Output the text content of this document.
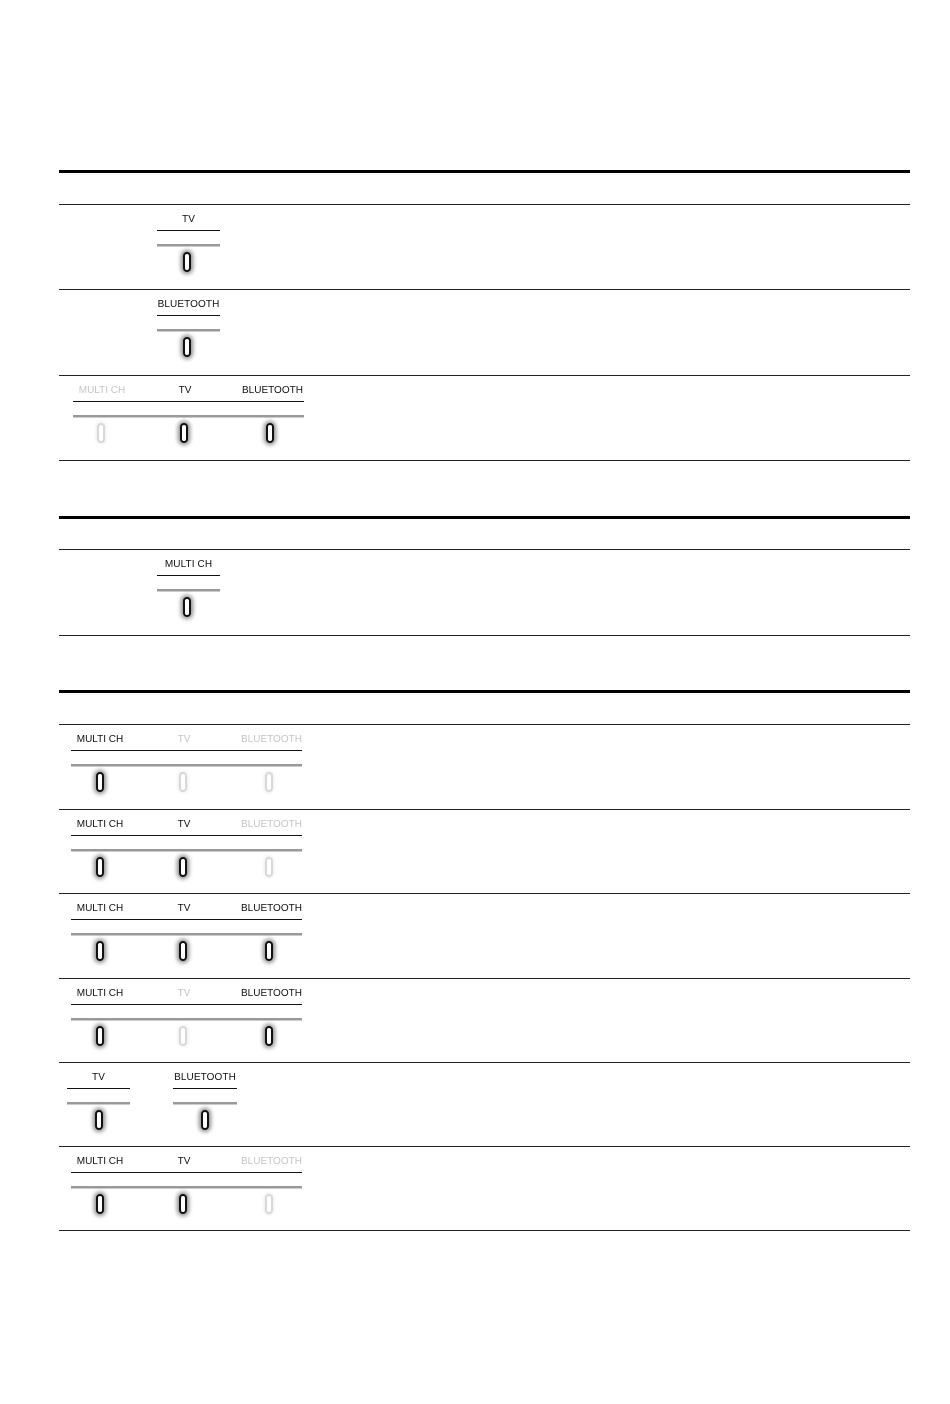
TV
BLUETOOTH
MULTI CH	TV	BLUETOOTH
MULTI CH
MULTI CH	TV	BLUETOOTH
MULTI CH	TV	BLUETOOTH
MULTI CH	TV	BLUETOOTH
MULTI CH	TV	BLUETOOTH
TV	BLUETOOTH
MULTI CH	TV	BLUETOOTH
